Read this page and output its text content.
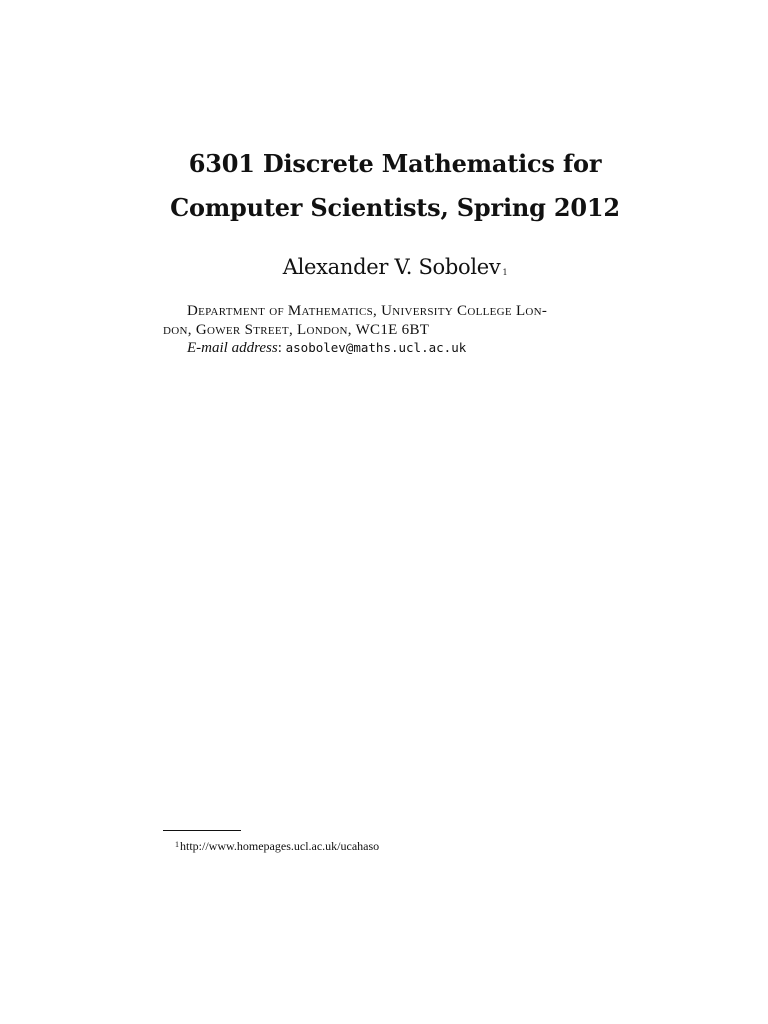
6301 Discrete Mathematics for
Computer Scientists, Spring 2012
Alexander V. Sobolev $^1$
Department of Mathematics, University College Lon-
don, Gower Street, London, WC1E 6BT
E-mail address: asobolev@maths.ucl.ac.uk
$^1$http://www.homepages.ucl.ac.uk/ucahaso
